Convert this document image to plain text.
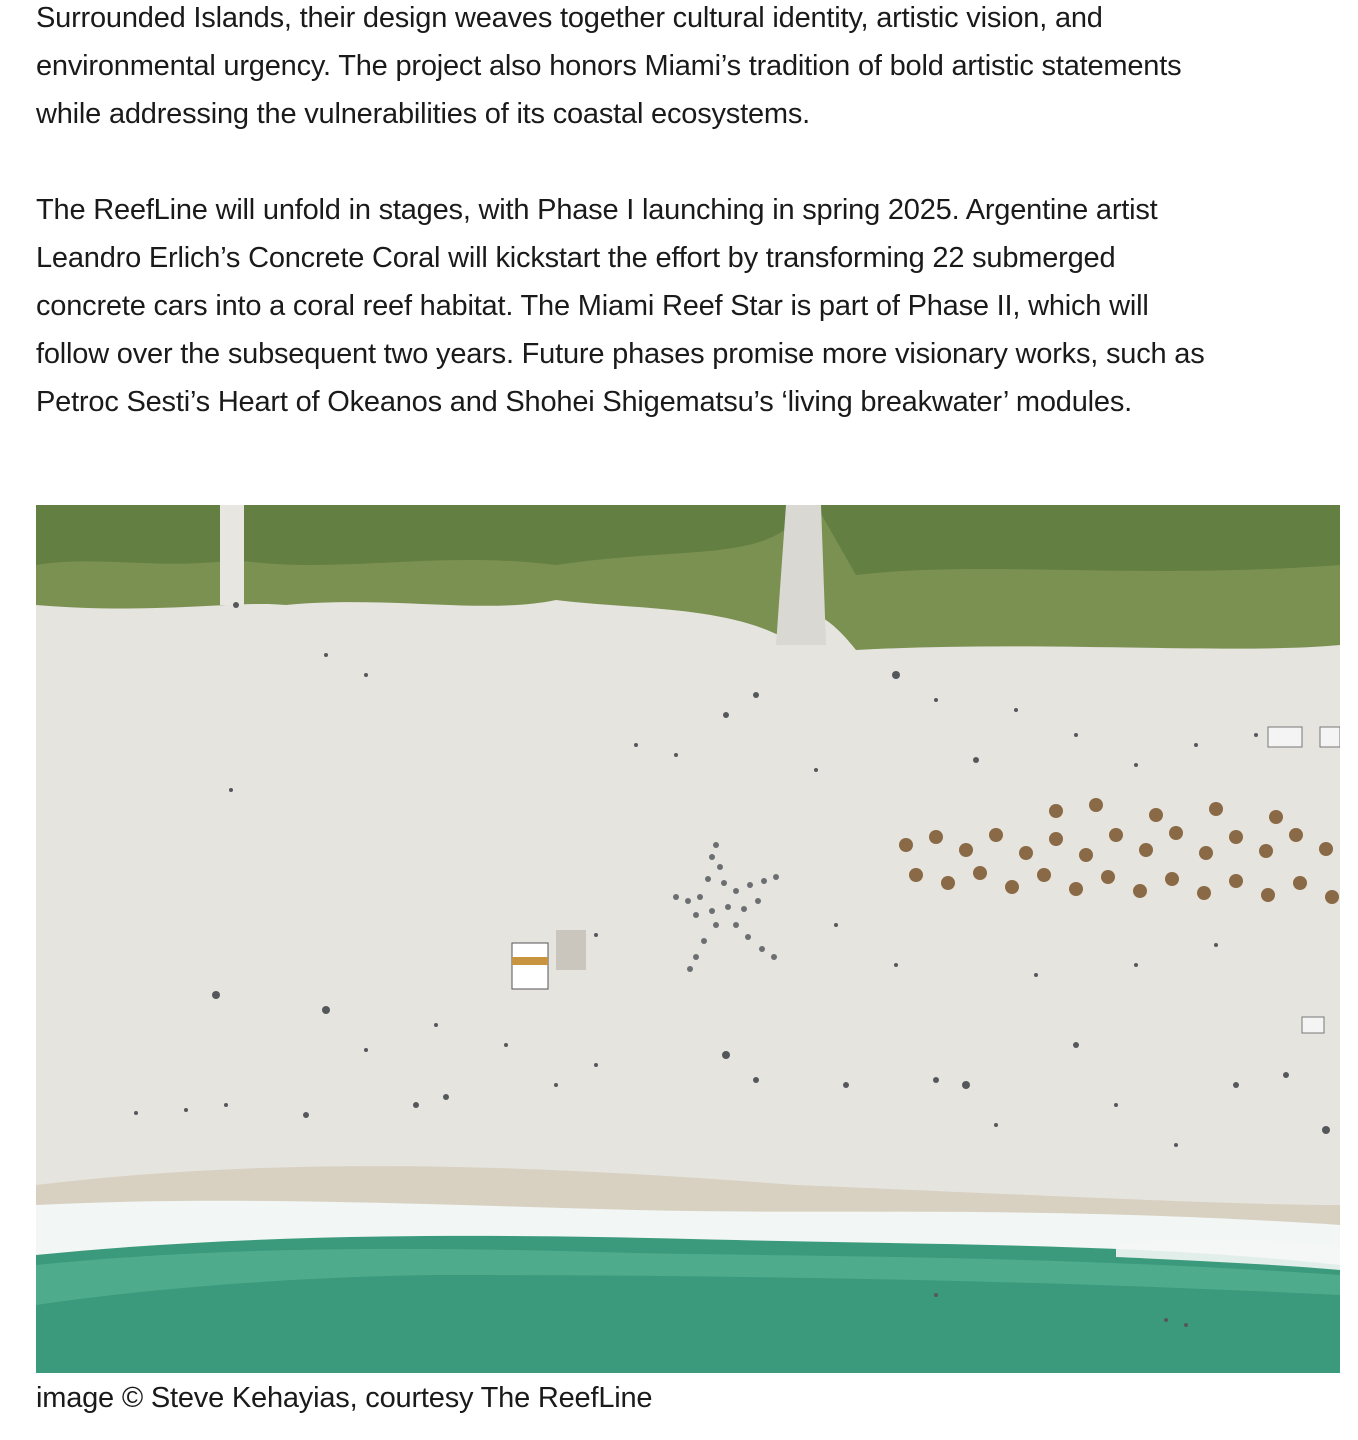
Surrounded Islands, their design weaves together cultural identity, artistic vision, and
environmental urgency. The project also honors Miami’s tradition of bold artistic statements
while addressing the vulnerabilities of its coastal ecosystems.

The ReefLine will unfold in stages, with Phase I launching in spring 2025. Argentine artist
Leandro Erlich’s Concrete Coral will kickstart the effort by transforming 22 submerged
concrete cars into a coral reef habitat. The Miami Reef Star is part of Phase II, which will
follow over the subsequent two years. Future phases promise more visionary works, such as
Petroc Sesti’s Heart of Okeanos and Shohei Shigematsu’s ‘living breakwater’ modules.

image © Steve Kehayias, courtesy The ReefLine
